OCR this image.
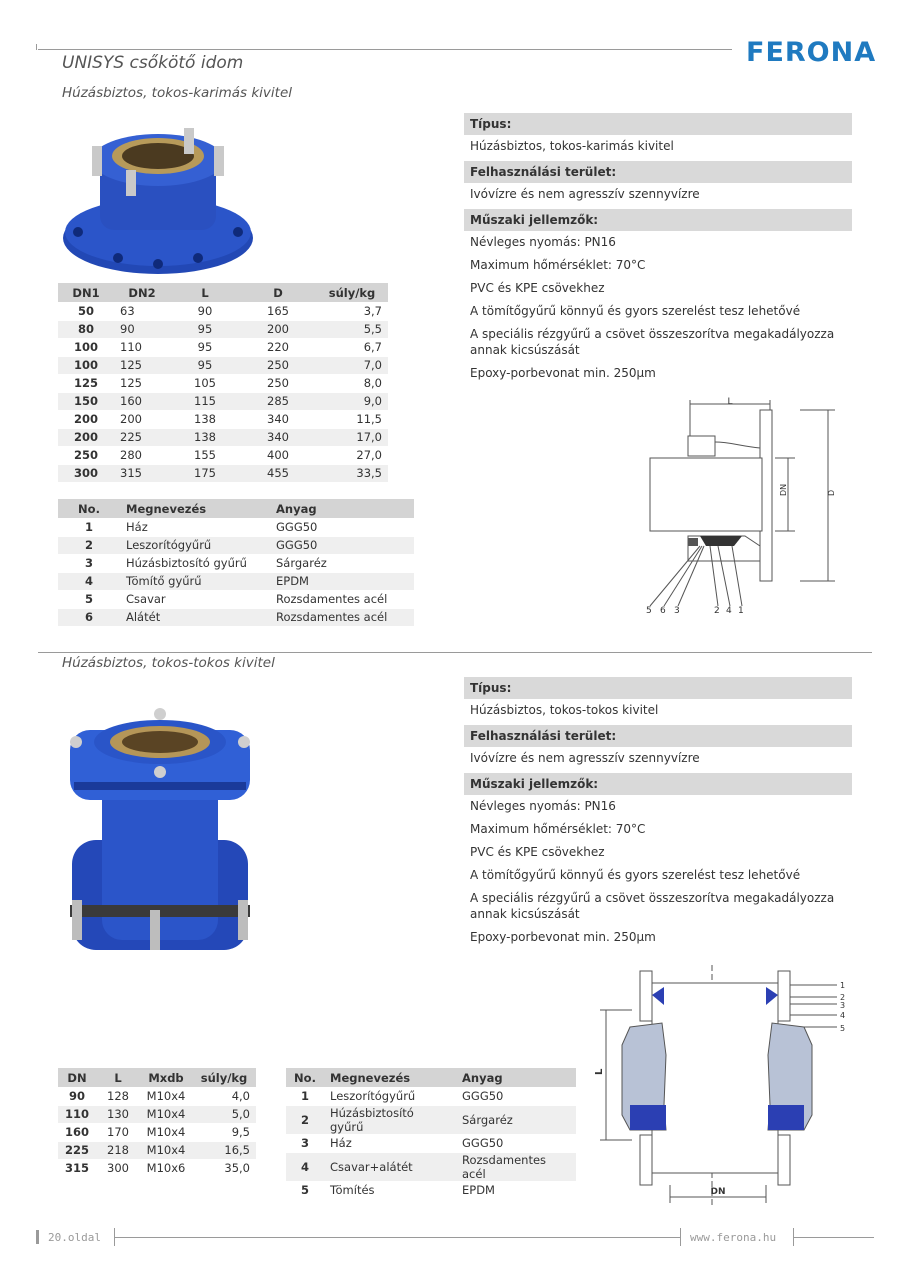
UNISYS csőkötő idom	FERONA
Húzásbiztos, tokos-karimás kivitel
DN1	DN2	L	D	súly/kg
50	63	90	165	3,7
80	90	95	200	5,5
100	110	95	220	6,7
100	125	95	250	7,0
125	125	105	250	8,0
150	160	115	285	9,0
200	200	138	340	11,5
200	225	138	340	17,0
250	280	155	400	27,0
300	315	175	455	33,5
No.	Megnevezés	Anyag
1	Ház	GGG50
2	Leszorítógyűrű	GGG50
3	Húzásbiztosító gyűrű	Sárgaréz
4	Tömítő gyűrű	EPDM
5	Csavar	Rozsdamentes acél
6	Alátét	Rozsdamentes acél
Típus:
Húzásbiztos, tokos-karimás kivitel
Felhasználási terület:
Ivóvízre és nem agresszív szennyvízre
Műszaki jellemzők:
Névleges nyomás: PN16
Maximum hőmérséklet: 70°C
PVC és KPE csövekhez
A tömítőgyűrű könnyű és gyors szerelést tesz lehetővé
A speciális rézgyűrű a csövet összeszorítva megakadályozza annak kicsúszását
Epoxy-porbevonat min. 250μm
L
DN	D
5 6 3	2 4 1
Húzásbiztos, tokos-tokos kivitel
Típus:
Húzásbiztos, tokos-tokos kivitel
Felhasználási terület:
Ivóvízre és nem agresszív szennyvízre
Műszaki jellemzők:
Névleges nyomás: PN16
Maximum hőmérséklet: 70°C
PVC és KPE csövekhez
A tömítőgyűrű könnyű és gyors szerelést tesz lehetővé
A speciális rézgyűrű a csövet összeszorítva megakadályozza annak kicsúszását
Epoxy-porbevonat min. 250μm
L
DN
1
2
3
4
5
DN	L	Mxdb	súly/kg
90	128	M10x4	4,0
110	130	M10x4	5,0
160	170	M10x4	9,5
225	218	M10x4	16,5
315	300	M10x6	35,0
No.	Megnevezés	Anyag
1	Leszorítógyűrű	GGG50
2	Húzásbiztosító gyűrű	Sárgaréz
3	Ház	GGG50
4	Csavar+alátét	Rozsdamentes acél
5	Tömítés	EPDM
20.oldal	www.ferona.hu
